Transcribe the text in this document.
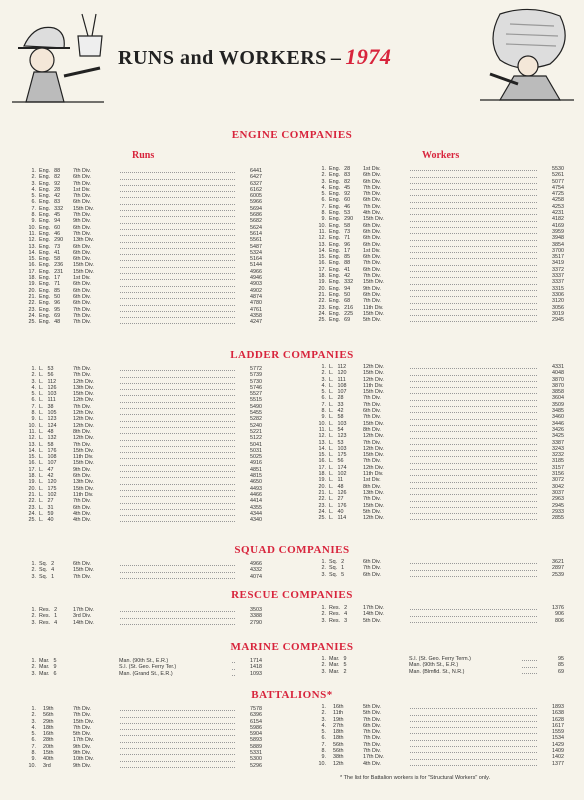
RUNS and WORKERS – 1974
ENGINE COMPANIES
Runs	Workers
1. Eng. 88	7th Div.	6441
2. Eng. 82	6th Div.	6427
3. Eng. 92	7th Div.	6327
4. Eng. 28	1st Div.	6162
5. Eng. 42	7th Div.	6005
6. Eng. 83	6th Div.	5966
7. Eng. 332	15th Div.	5694
8. Eng. 45	7th Div.	5686
9. Eng. 94	9th Div.	5682
10. Eng. 60	6th Div.	5624
11. Eng. 46	7th Div.	5614
12. Eng. 290	13th Div.	5561
13. Eng. 73	6th Div.	5487
14. Eng. 41	6th Div.	5324
15. Eng. 58	6th Div.	5164
16. Eng. 236	15th Div.	5144
17. Eng. 231	15th Div.	4966
18. Eng. 17	1st Div.	4946
19. Eng. 71	6th Div.	4903
20. Eng. 85	6th Div.	4902
21. Eng. 50	6th Div.	4874
22. Eng. 96	6th Div.	4780
23. Eng. 95	7th Div.	4761
24. Eng. 69	7th Div.	4358
25. Eng. 48	7th Div.	4247
1. Eng. 28	1st Div.	5530
2. Eng. 83	6th Div.	5261
3. Eng. 82	6th Div.	5077
4. Eng. 45	7th Div.	4754
5. Eng. 92	7th Div.	4725
6. Eng. 60	6th Div.	4258
7. Eng. 46	7th Div.	4253
8. Eng. 53	4th Div.	4231
9. Eng. 290	15th Div.	4182
10. Eng. 58	6th Div.	4169
11. Eng. 73	6th Div.	3959
12. Eng. 71	6th Div.	3948
13. Eng. 96	6th Div.	3854
14. Eng. 17	1st Div.	3700
15. Eng. 85	6th Div.	3517
16. Eng. 88	7th Div.	3419
17. Eng. 41	6th Div.	3372
18. Eng. 42	7th Div.	3337
19. Eng. 332	15th Div.	3337
20. Eng. 94	9th Div.	3315
21. Eng. 50	6th Div.	3306
22. Eng. 68	7th Div.	3120
23. Eng. 216	11th Div.	3056
24. Eng. 225	15th Div.	3019
25. Eng. 69	5th Div.	2945
LADDER COMPANIES
1. L. 53	7th Div.	5772
2. L. 56	7th Div.	5739
3. L. 112	12th Div.	5730
4. L. 126	13th Div.	5746
5. L. 103	15th Div.	5527
6. L. 111	12th Div.	5515
7. L. 38	7th Div.	5490
8. L. 105	12th Div.	5455
9. L. 123	12th Div.	5282
10. L. 124	12th Div.	5240
11. L. 48	8th Div.	5221
12. L. 132	12th Div.	5122
13. L. 58	7th Div.	5041
14. L. 176	15th Div.	5031
15. L. 108	11th Div.	5025
16. L. 107	15th Div.	4916
17. L. 47	9th Div.	4851
18. L. 42	6th Div.	4815
19. L. 120	13th Div.	4650
20. L. 175	15th Div.	4493
21. L. 102	11th Div.	4466
22. L. 27	7th Div.	4414
23. L. 31	6th Div.	4355
24. L. 59	4th Div.	4344
25. L. 40	4th Div.	4340
1. L. 112	12th Div.	4331
2. L. 120	15th Div.	4048
3. L. 111	12th Div.	3870
4. L. 108	11th Div.	3870
5. L. 107	15th Div.	3858
6. L. 28	7th Div.	3604
7. L. 33	7th Div.	3509
8. L. 42	6th Div.	3485
9. L. 58	7th Div.	3460
10. L. 103	15th Div.	3446
11. L. 54	8th Div.	3426
12. L. 123	12th Div.	3425
13. L. 53	7th Div.	3387
14. L. 103	12th Div.	3243
15. L. 175	15th Div.	3232
16. L. 56	7th Div.	3185
17. L. 174	12th Div.	3157
18. L. 102	11th Div.	3156
19. L. 11	1st Div.	3072
20. L. 48	8th Div.	3042
21. L. 126	13th Div.	3037
22. L. 27	7th Div.	2963
23. L. 176	15th Div.	2945
24. L. 40	5th Div.	2933
25. L. 114	12th Div.	2855
SQUAD COMPANIES
1. Sq. 2	6th Div.	4966
2. Sq. 4	15th Div.	4332
3. Sq. 1	7th Div.	4074
1. Sq. 2	6th Div.	3621
2. Sq. 1	7th Div.	2897
3. Sq. 5	6th Div.	2539
RESCUE COMPANIES
1. Res. 2	17th Div.	3503
2. Res. 1	3rd Div.	3388
3. Res. 4	14th Div.	2790
1. Res. 2	17th Div.	1376
2. Res. 4	14th Div.	906
3. Res. 3	5th Div.	806
MARINE COMPANIES
1. Mar. 5	Man. (90th St., E.R.)	1714
2. Mar. 9	S.I. (St. Geo. Ferry Ter.)	1418
3. Mar. 6	Man. (Grand St., E.R.)	1093
1. Mar. 9	S.I. (St. Geo. Ferry Term.)	95
2. Mar. 5	Man. (90th St., E.R.)	85
3. Mar. 2	Man. (Blmfld. St., N.R.)	69
BATTALIONS*
1.	19th	7th Div.	7578
2.	56th	7th Div.	6396
3.	29th	15th Div.	6154
4.	18th	7th Div.	5986
5.	16th	5th Div.	5904
6.	28th	17th Div.	5893
7.	20th	9th Div.	5889
8.	15th	9th Div.	5331
9.	40th	10th Div.	5300
10.	3rd	9th Div.	5296
1.	16th	5th Div.	1893
2.	11th	5th Div.	1638
3.	19th	7th Div.	1628
4.	27th	6th Div.	1617
5.	18th	7th Div.	1559
6.	18th	7th Div.	1534
7.	56th	7th Div.	1429
8.	56th	7th Div.	1409
9.	38th	17th Div.	1402
10.	12th	4th Div.	1377
* The list for Battalion workers is for "Structural Workers" only.
